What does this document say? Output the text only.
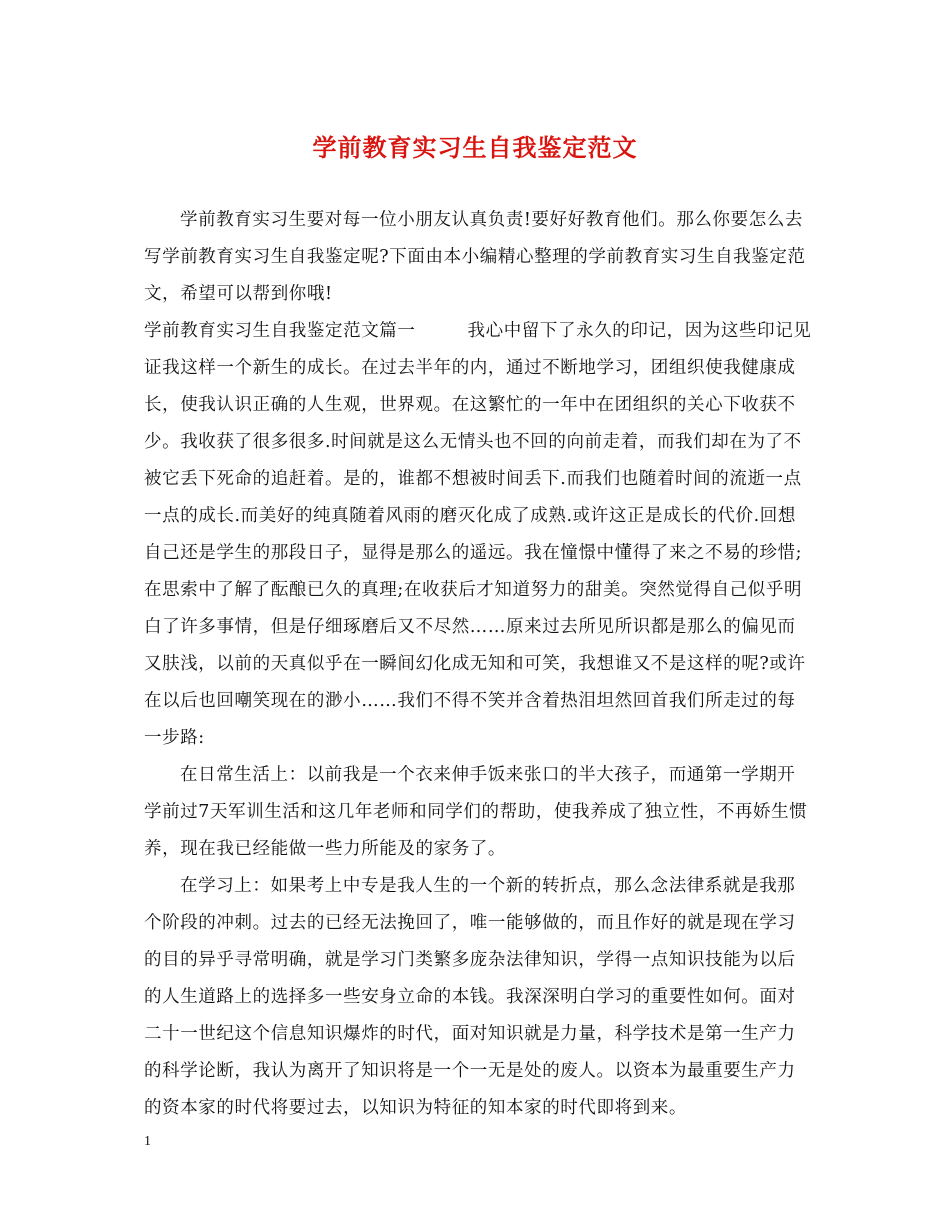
学前教育实习生自我鉴定范文

学前教育实习生要对每一位小朋友认真负责!要好好教育他们。那么你要怎么去写学前教育实习生自我鉴定呢?下面由本小编精心整理的学前教育实习生自我鉴定范文，希望可以帮到你哦!

学前教育实习生自我鉴定范文篇一	我心中留下了永久的印记，因为这些印记见证我这样一个新生的成长。在过去半年的内，通过不断地学习，团组织使我健康成长，使我认识正确的人生观，世界观。在这繁忙的一年中在团组织的关心下收获不少。我收获了很多很多.时间就是这么无情头也不回的向前走着，而我们却在为了不被它丢下死命的追赶着。是的，谁都不想被时间丢下.而我们也随着时间的流逝一点一点的成长.而美好的纯真随着风雨的磨灭化成了成熟.或许这正是成长的代价.回想自己还是学生的那段日子，显得是那么的遥远。我在憧憬中懂得了来之不易的珍惜;在思索中了解了酝酿已久的真理;在收获后才知道努力的甜美。突然觉得自己似乎明白了许多事情，但是仔细琢磨后又不尽然……原来过去所见所识都是那么的偏见而又肤浅，以前的天真似乎在一瞬间幻化成无知和可笑，我想谁又不是这样的呢?或许在以后也回嘲笑现在的渺小……我们不得不笑并含着热泪坦然回首我们所走过的每一步路:

在日常生活上：以前我是一个衣来伸手饭来张口的半大孩子，而通第一学期开学前过7天军训生活和这几年老师和同学们的帮助，使我养成了独立性，不再娇生惯养，现在我已经能做一些力所能及的家务了。

在学习上：如果考上中专是我人生的一个新的转折点，那么念法律系就是我那个阶段的冲刺。过去的已经无法挽回了，唯一能够做的，而且作好的就是现在学习的目的异乎寻常明确，就是学习门类繁多庞杂法律知识，学得一点知识技能为以后的人生道路上的选择多一些安身立命的本钱。我深深明白学习的重要性如何。面对二十一世纪这个信息知识爆炸的时代，面对知识就是力量，科学技术是第一生产力的科学论断，我认为离开了知识将是一个一无是处的废人。以资本为最重要生产力的资本家的时代将要过去，以知识为特征的知本家的时代即将到来。

1
